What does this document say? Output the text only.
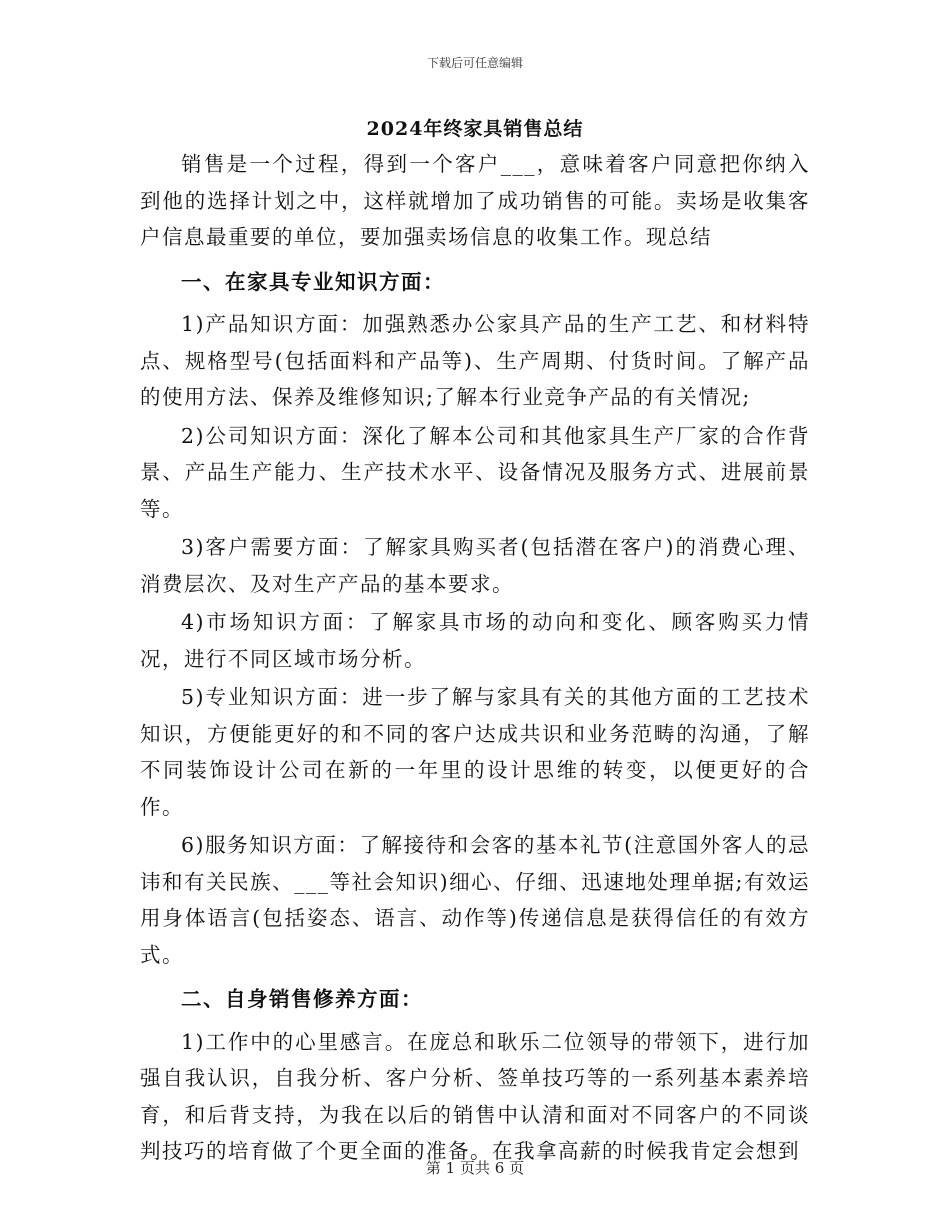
下载后可任意编辑
2024年终家具销售总结

销售是一个过程，得到一个客户___，意味着客户同意把你纳入到他的选择计划之中，这样就增加了成功销售的可能。卖场是收集客户信息最重要的单位，要加强卖场信息的收集工作。现总结

一、在家具专业知识方面：

1)产品知识方面：加强熟悉办公家具产品的生产工艺、和材料特点、规格型号(包括面料和产品等)、生产周期、付货时间。了解产品的使用方法、保养及维修知识;了解本行业竞争产品的有关情况;

2)公司知识方面：深化了解本公司和其他家具生产厂家的合作背景、产品生产能力、生产技术水平、设备情况及服务方式、进展前景等。

3)客户需要方面：了解家具购买者(包括潜在客户)的消费心理、消费层次、及对生产产品的基本要求。

4)市场知识方面：了解家具市场的动向和变化、顾客购买力情况，进行不同区域市场分析。

5)专业知识方面：进一步了解与家具有关的其他方面的工艺技术知识，方便能更好的和不同的客户达成共识和业务范畴的沟通，了解不同装饰设计公司在新的一年里的设计思维的转变，以便更好的合作。

6)服务知识方面：了解接待和会客的基本礼节(注意国外客人的忌讳和有关民族、___等社会知识)细心、仔细、迅速地处理单据;有效运用身体语言(包括姿态、语言、动作等)传递信息是获得信任的有效方式。

二、自身销售修养方面：

1)工作中的心里感言。在庞总和耿乐二位领导的带领下，进行加强自我认识，自我分析、客户分析、签单技巧等的一系列基本素养培育，和后背支持，为我在以后的销售中认清和面对不同客户的不同谈判技巧的培育做了个更全面的准备。在我拿高薪的时候我肯定会想到

第 1 页共 6 页
